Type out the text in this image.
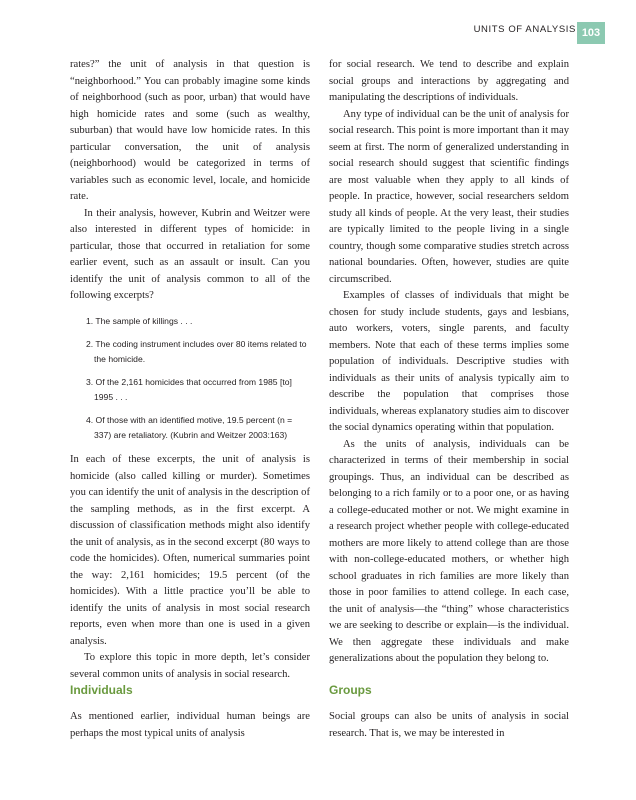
UNITS OF ANALYSIS 103

rates?” the unit of analysis in that question is “neighborhood.” You can probably imagine some kinds of neighborhood (such as poor, urban) that would have high homicide rates and some (such as wealthy, suburban) that would have low homicide rates. In this particular conversation, the unit of analysis (neighborhood) would be categorized in terms of variables such as economic level, locale, and homicide rate.

In their analysis, however, Kubrin and Weitzer were also interested in different types of homicide: in particular, those that occurred in retaliation for some earlier event, such as an assault or insult. Can you identify the unit of analysis common to all of the following excerpts?

1. The sample of killings . . .
2. The coding instrument includes over 80 items related to the homicide.
3. Of the 2,161 homicides that occurred from 1985 [to] 1995 . . .
4. Of those with an identified motive, 19.5 percent (n = 337) are retaliatory. (Kubrin and Weitzer 2003:163)

In each of these excerpts, the unit of analysis is homicide (also called killing or murder). Sometimes you can identify the unit of analysis in the description of the sampling methods, as in the first excerpt. A discussion of classification methods might also identify the unit of analysis, as in the second excerpt (80 ways to code the homicides). Often, numerical summaries point the way: 2,161 homicides; 19.5 percent (of the homicides). With a little practice you’ll be able to identify the units of analysis in most social research reports, even when more than one is used in a given analysis.

To explore this topic in more depth, let’s consider several common units of analysis in social research.

for social research. We tend to describe and explain social groups and interactions by aggregating and manipulating the descriptions of individuals.

Any type of individual can be the unit of analysis for social research. This point is more important than it may seem at first. The norm of generalized understanding in social research should suggest that scientific findings are most valuable when they apply to all kinds of people. In practice, however, social researchers seldom study all kinds of people. At the very least, their studies are typically limited to the people living in a single country, though some comparative studies stretch across national boundaries. Often, however, studies are quite circumscribed.

Examples of classes of individuals that might be chosen for study include students, gays and lesbians, auto workers, voters, single parents, and faculty members. Note that each of these terms implies some population of individuals. Descriptive studies with individuals as their units of analysis typically aim to describe the population that comprises those individuals, whereas explanatory studies aim to discover the social dynamics operating within that population.

As the units of analysis, individuals can be characterized in terms of their membership in social groupings. Thus, an individual can be described as belonging to a rich family or to a poor one, or as having a college-educated mother or not. We might examine in a research project whether people with college-educated mothers are more likely to attend college than are those with non-college-educated mothers, or whether high school graduates in rich families are more likely than those in poor families to attend college. In each case, the unit of analysis—the “thing” whose characteristics we are seeking to describe or explain—is the individual. We then aggregate these individuals and make generalizations about the population they belong to.

Individuals

As mentioned earlier, individual human beings are perhaps the most typical units of analysis

Groups

Social groups can also be units of analysis in social research. That is, we may be interested in
